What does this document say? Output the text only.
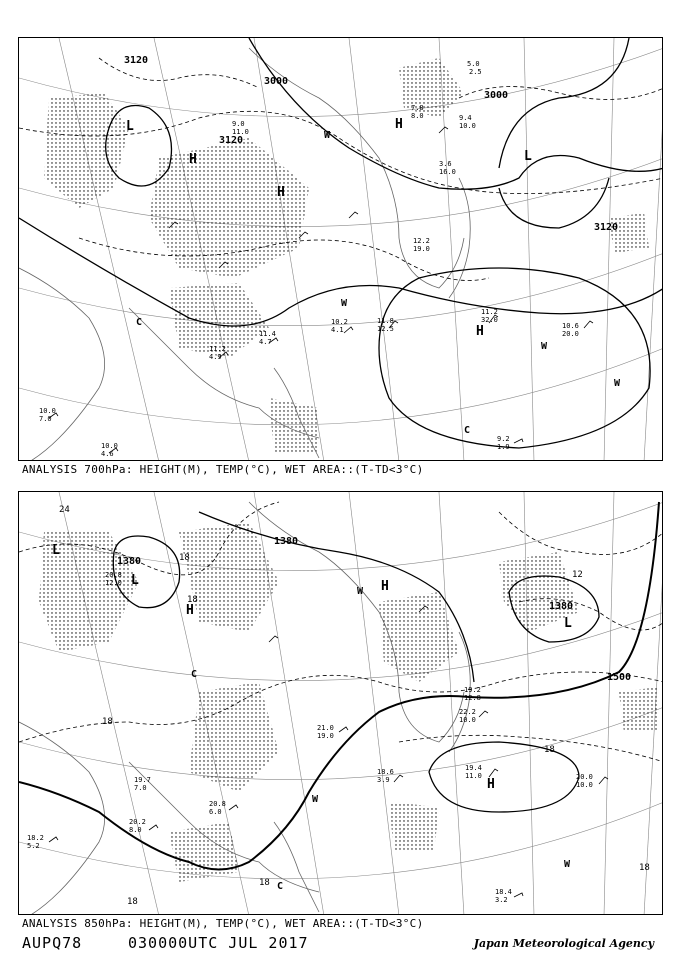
3000
3000
3120
3120
3120
L
L
H
H
H
H
C
C
W
W
W
W
5.0
2.5
7.8
8.0	9.4
10.0
11.2
32.0
10.6
20.0
9.2
1.9
10.2
4.1
11.8
12.5
11.4
4.7
11.2
4.9
10.0
7.0
10.0
4.6
3.6
16.0
9.0
11.0
12.2
19.0
ANALYSIS 700hPa: HEIGHT(M), TEMP(°C), WET AREA::(T-TD<3°C)
1380
1380
1380
1500
24
18
18
12
18
18
18
18
18
L
L
L
H
H
H
C
C
W
W
W
19.4
11.0	20.0
10.0
18.4
3.2
18.6
3.9
20.8
6.0
20.8
12.0
22.2
10.0
19.2
12.8
20.2
8.0
18.2
5.2
19.7
7.0
21.0
19.0
ANALYSIS 850hPa: HEIGHT(M), TEMP(°C), WET AREA::(T-TD<3°C)
AUPQ78	030000UTC JUL 2017	Japan Meteorological Agency
